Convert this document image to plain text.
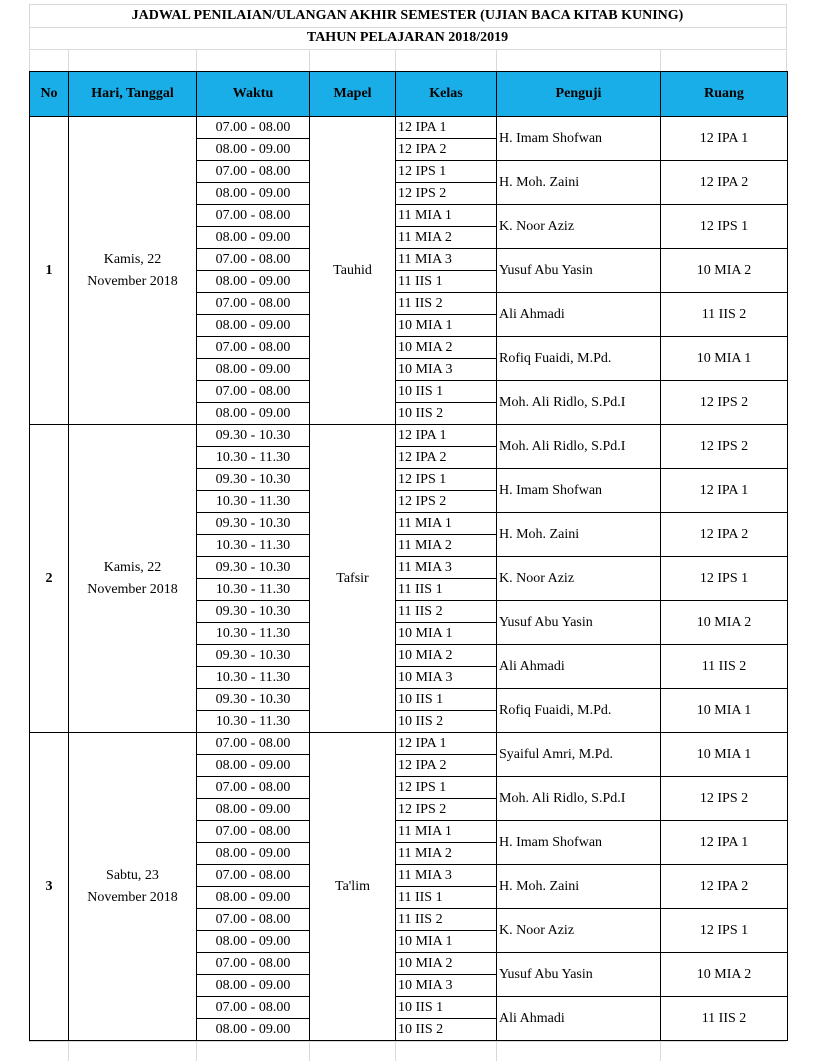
JADWAL PENILAIAN/ULANGAN AKHIR SEMESTER (UJIAN BACA KITAB KUNING)
TAHUN PELAJARAN 2018/2019
No	Hari, Tanggal	Waktu	Mapel	Kelas	Penguji	Ruang
1	Kamis, 22
November 2018	07.00 - 08.00	Tauhid	12 IPA 1	H. Imam Shofwan	12 IPA 1
		08.00 - 09.00		12 IPA 2		
		07.00 - 08.00		12 IPS 1	H. Moh. Zaini	12 IPA 2
		08.00 - 09.00		12 IPS 2		
		07.00 - 08.00		11 MIA 1	K. Noor Aziz	12 IPS 1
		08.00 - 09.00		11 MIA 2		
		07.00 - 08.00		11 MIA 3	Yusuf Abu Yasin	10 MIA 2
		08.00 - 09.00		11 IIS 1		
		07.00 - 08.00		11 IIS 2	Ali Ahmadi	11 IIS 2
		08.00 - 09.00		10 MIA 1		
		07.00 - 08.00		10 MIA 2	Rofiq Fuaidi, M.Pd.	10 MIA 1
		08.00 - 09.00		10 MIA 3		
		07.00 - 08.00		10 IIS 1	Moh. Ali Ridlo, S.Pd.I	12 IPS 2
		08.00 - 09.00		10 IIS 2		
2	Kamis, 22
November 2018	09.30 - 10.30	Tafsir	12 IPA 1	Moh. Ali Ridlo, S.Pd.I	12 IPS 2
		10.30 - 11.30		12 IPA 2		
		09.30 - 10.30		12 IPS 1	H. Imam Shofwan	12 IPA 1
		10.30 - 11.30		12 IPS 2		
		09.30 - 10.30		11 MIA 1	H. Moh. Zaini	12 IPA 2
		10.30 - 11.30		11 MIA 2		
		09.30 - 10.30		11 MIA 3	K. Noor Aziz	12 IPS 1
		10.30 - 11.30		11 IIS 1		
		09.30 - 10.30		11 IIS 2	Yusuf Abu Yasin	10 MIA 2
		10.30 - 11.30		10 MIA 1		
		09.30 - 10.30		10 MIA 2	Ali Ahmadi	11 IIS 2
		10.30 - 11.30		10 MIA 3		
		09.30 - 10.30		10 IIS 1	Rofiq Fuaidi, M.Pd.	10 MIA 1
		10.30 - 11.30		10 IIS 2		
3	Sabtu, 23
November 2018	07.00 - 08.00	Ta'lim	12 IPA 1	Syaiful Amri, M.Pd.	10 MIA 1
		08.00 - 09.00		12 IPA 2		
		07.00 - 08.00		12 IPS 1	Moh. Ali Ridlo, S.Pd.I	12 IPS 2
		08.00 - 09.00		12 IPS 2		
		07.00 - 08.00		11 MIA 1	H. Imam Shofwan	12 IPA 1
		08.00 - 09.00		11 MIA 2		
		07.00 - 08.00		11 MIA 3	H. Moh. Zaini	12 IPA 2
		08.00 - 09.00		11 IIS 1		
		07.00 - 08.00		11 IIS 2	K. Noor Aziz	12 IPS 1
		08.00 - 09.00		10 MIA 1		
		07.00 - 08.00		10 MIA 2	Yusuf Abu Yasin	10 MIA 2
		08.00 - 09.00		10 MIA 3		
		07.00 - 08.00		10 IIS 1	Ali Ahmadi	11 IIS 2
		08.00 - 09.00		10 IIS 2		
